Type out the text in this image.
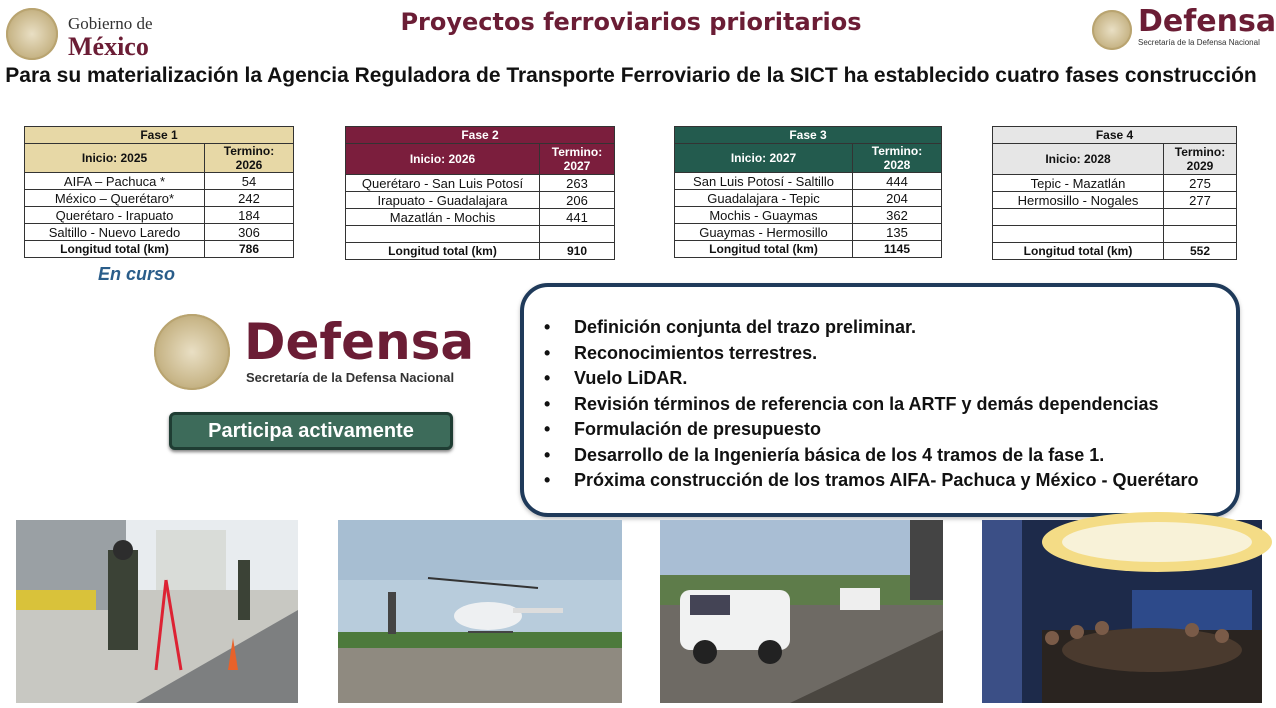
Gobierno de
México
Proyectos ferroviarios prioritarios	Defensa
Secretaría de la Defensa Nacional
Para su materialización la Agencia Reguladora de Transporte Ferroviario de la SICT ha establecido cuatro fases construcción
Fase 1	
Inicio: 2025	Termino: 2026
AIFA – Pachuca *	54
México – Querétaro*	242
Querétaro - Irapuato	184
Saltillo - Nuevo Laredo	306
Longitud total (km)	786
En curso
Fase 2	
Inicio: 2026	Termino: 2027
Querétaro - San Luis Potosí	263
Irapuato - Guadalajara	206
Mazatlán - Mochis	441

Longitud total (km)	910
Fase 3	
Inicio: 2027	Termino: 2028
San Luis Potosí - Saltillo	444
Guadalajara - Tepic	204
Mochis - Guaymas	362
Guaymas - Hermosillo	135
Longitud total (km)	1145
Fase 4	
Inicio: 2028	Termino: 2029
Tepic - Mazatlán	275
Hermosillo - Nogales	277

Longitud total (km)	552
Defensa
Secretaría de la Defensa Nacional
Participa activamente
• Definición conjunta del trazo preliminar.
• Reconocimientos terrestres.
• Vuelo LiDAR.
• Revisión términos de referencia con la ARTF y demás dependencias
• Formulación de presupuesto
• Desarrollo de la Ingeniería básica de los 4 tramos de la fase 1.
• Próxima construcción de los tramos AIFA- Pachuca y México - Querétaro
